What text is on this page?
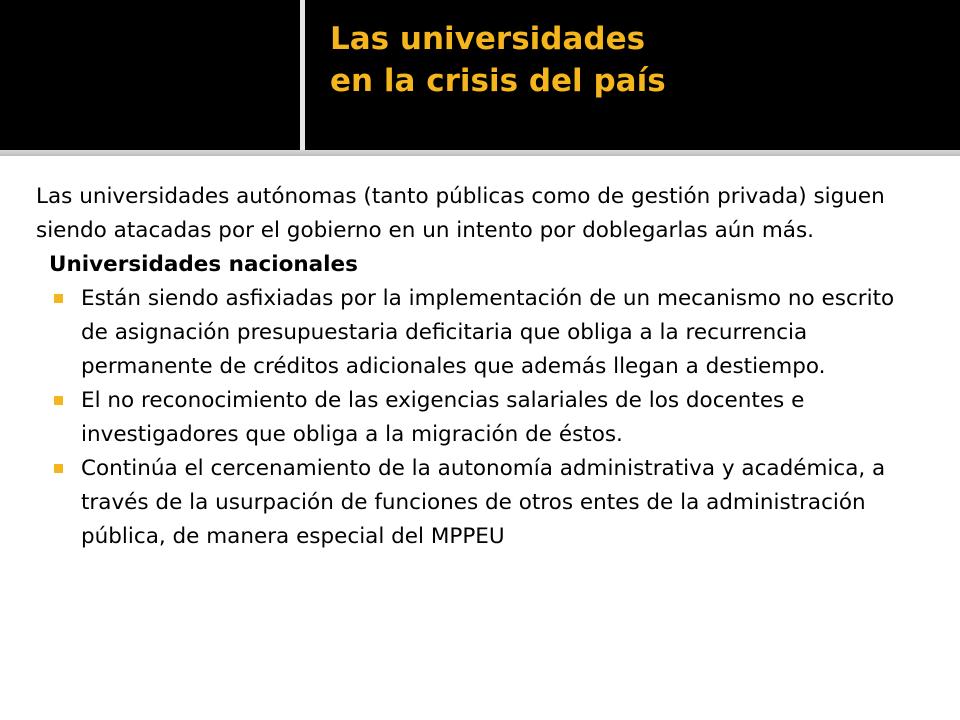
Las universidades
en la crisis del país

Las universidades autónomas (tanto públicas como de gestión privada) siguen siendo atacadas por el gobierno en un intento por doblegarlas aún más.

Universidades nacionales

Están siendo asfixiadas por la implementación de un mecanismo no escrito de asignación presupuestaria deficitaria que obliga a la recurrencia permanente de créditos adicionales que además llegan a destiempo.
El no reconocimiento de las exigencias salariales de los docentes e investigadores que obliga a la migración de éstos.
Continúa el cercenamiento de la autonomía administrativa y académica, a través de la usurpación de funciones de otros entes de la administración pública, de manera especial del MPPEU
